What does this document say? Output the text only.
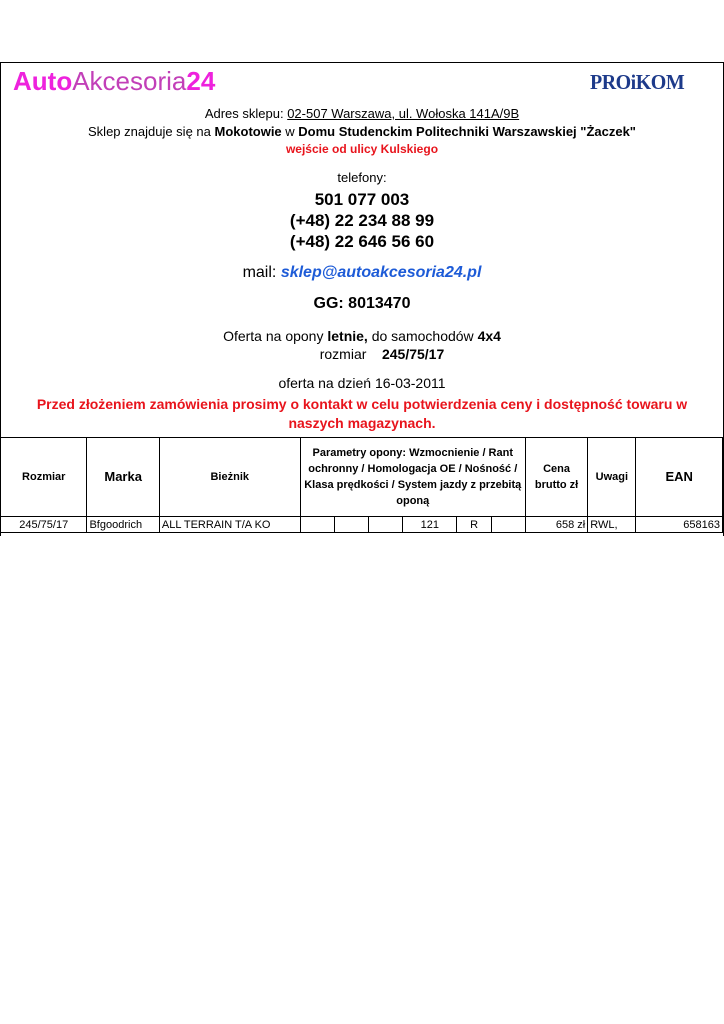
AutoAkcesoria24	PROiKOM
Adres sklepu: 02-507 Warszawa, ul. Wołoska 141A/9B
Sklep znajduje się na Mokotowie w Domu Studenckim Politechniki Warszawskiej "Żaczek"
wejście od ulicy Kulskiego
telefony:
501 077 003
(+48) 22 234 88 99
(+48) 22 646 56 60
mail: sklep@autoakcesoria24.pl
GG: 8013470
Oferta na opony letnie, do samochodów 4x4
rozmiar 245/75/17
oferta na dzień 16-03-2011
Przed złożeniem zamówienia prosimy o kontakt w celu potwierdzenia ceny i dostępność towaru w naszych magazynach.
Rozmiar	Marka	Bieżnik	Parametry opony: Wzmocnienie / Rant ochronny / Homologacja OE / Nośność / Klasa prędkości / System jazdy z przebitą oponą						Cena brutto zł	Uwagi	EAN
245/75/17	Bfgoodrich	ALL TERRAIN T/A KO				121	R		658 zł	RWL,	658163
